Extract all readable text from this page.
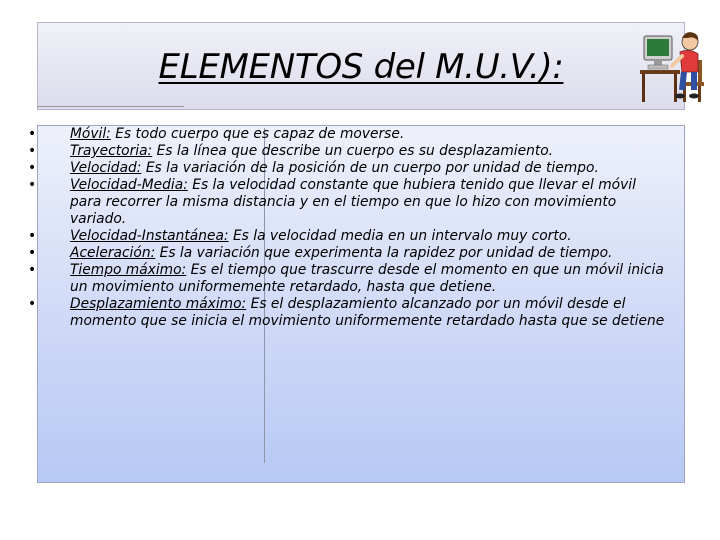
ELEMENTOS del M.U.V.):
• Móvil: Es todo cuerpo que es capaz de moverse.
• Trayectoria: Es la línea que describe un cuerpo es su desplazamiento.
• Velocidad: Es la variación de la posición de un cuerpo por unidad de tiempo.
• Velocidad-Media: Es la velocidad constante que hubiera tenido que llevar el móvil para recorrer la misma distancia y en el tiempo en que lo hizo con movimiento variado.
• Velocidad-Instantánea: Es la velocidad media en un intervalo muy corto.
• Aceleración: Es la variación que experimenta la rapidez por unidad de tiempo.
• Tiempo máximo: Es el tiempo que trascurre desde el momento en que un móvil inicia un movimiento uniformemente retardado, hasta que detiene.
• Desplazamiento máximo: Es el desplazamiento alcanzado por un móvil desde el momento que se inicia el movimiento uniformemente retardado hasta que se detiene
